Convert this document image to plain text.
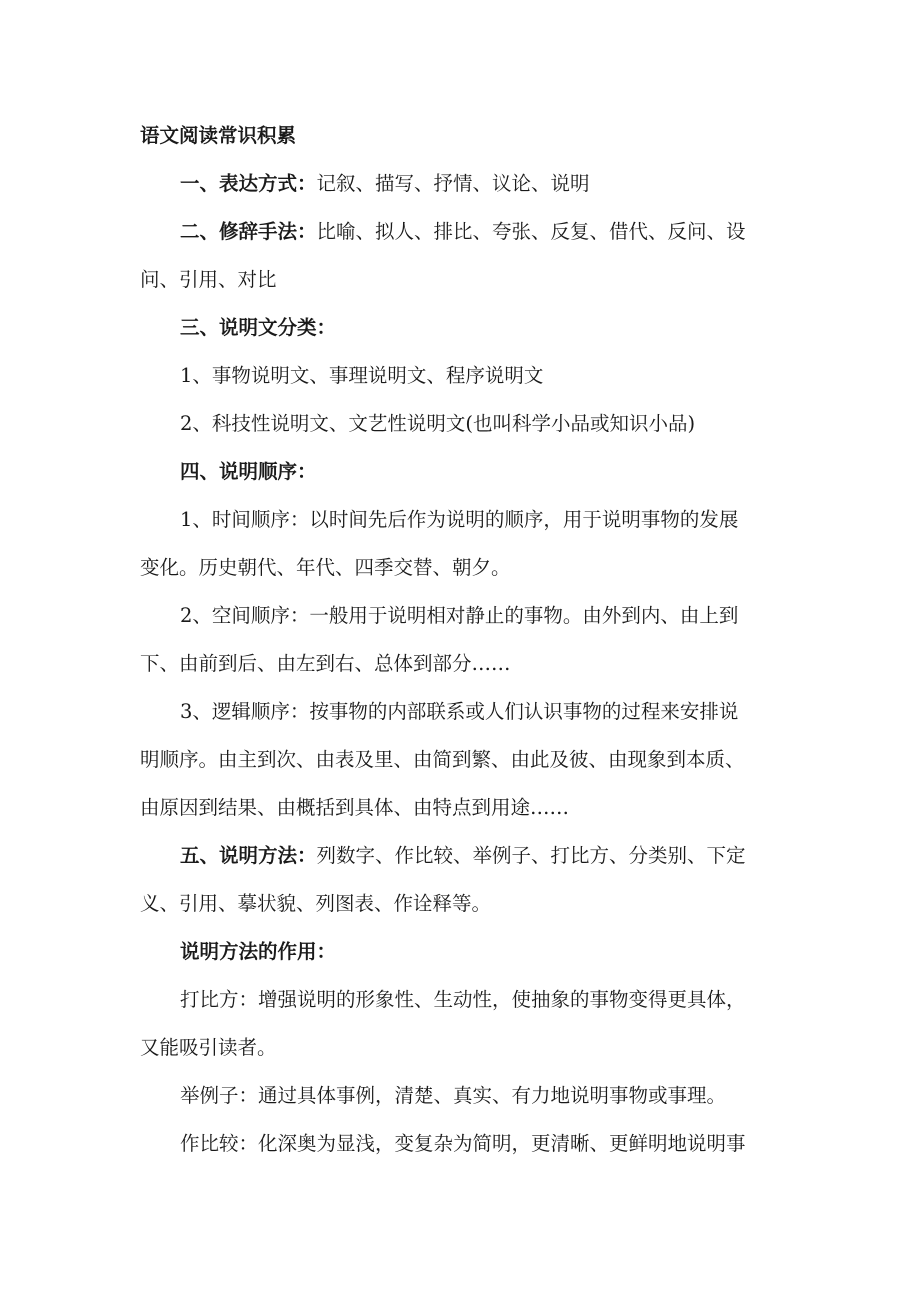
语文阅读常识积累

一、表达方式：记叙、描写、抒情、议论、说明

二、修辞手法：比喻、拟人、排比、夸张、反复、借代、反问、设

问、引用、对比

三、说明文分类：

1、事物说明文、事理说明文、程序说明文

2、科技性说明文、文艺性说明文(也叫科学小品或知识小品)

四、说明顺序：

1、时间顺序：以时间先后作为说明的顺序，用于说明事物的发展

变化。历史朝代、年代、四季交替、朝夕。

2、空间顺序：一般用于说明相对静止的事物。由外到内、由上到

下、由前到后、由左到右、总体到部分……

3、逻辑顺序：按事物的内部联系或人们认识事物的过程来安排说

明顺序。由主到次、由表及里、由简到繁、由此及彼、由现象到本质、

由原因到结果、由概括到具体、由特点到用途……

五、说明方法：列数字、作比较、举例子、打比方、分类别、下定

义、引用、摹状貌、列图表、作诠释等。

说明方法的作用：

打比方：增强说明的形象性、生动性，使抽象的事物变得更具体，

又能吸引读者。

举例子：通过具体事例，清楚、真实、有力地说明事物或事理。

作比较：化深奥为显浅，变复杂为简明，更清晰、更鲜明地说明事
